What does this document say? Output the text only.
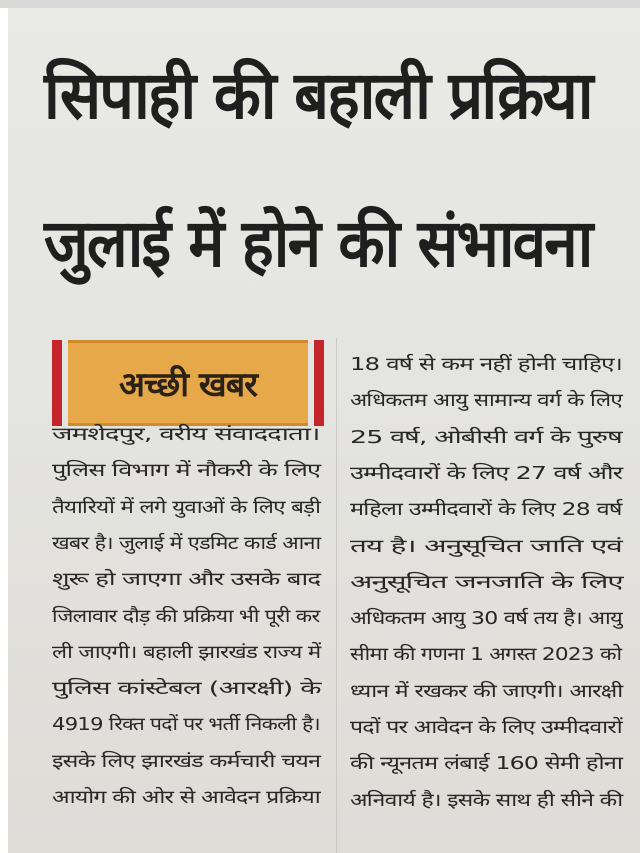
सिपाही की बहाली प्रक्रिया
जुलाई में होने की संभावना
अच्छी खबर
जमशेदपुर, वरीय संवाददाता।
पुलिस विभाग में नौकरी के लिए
तैयारियों में लगे युवाओं के लिए बड़ी
खबर है। जुलाई में एडमिट कार्ड आना
शुरू हो जाएगा और उसके बाद
जिलावार दौड़ की प्रक्रिया भी पूरी कर
ली जाएगी। बहाली झारखंड राज्य में
पुलिस कांस्टेबल (आरक्षी) के
4919 रिक्त पदों पर भर्ती निकली है।
इसके लिए झारखंड कर्मचारी चयन
आयोग की ओर से आवेदन प्रक्रिया
18 वर्ष से कम नहीं होनी चाहिए।
अधिकतम आयु सामान्य वर्ग के लिए
25 वर्ष, ओबीसी वर्ग के पुरुष
उम्मीदवारों के लिए 27 वर्ष और
महिला उम्मीदवारों के लिए 28 वर्ष
तय है। अनुसूचित जाति एवं
अनुसूचित जनजाति के लिए
अधिकतम आयु 30 वर्ष तय है। आयु
सीमा की गणना 1 अगस्त 2023 को
ध्यान में रखकर की जाएगी। आरक्षी
पदों पर आवेदन के लिए उम्मीदवारों
की न्यूनतम लंबाई 160 सेमी होना
अनिवार्य है। इसके साथ ही सीने की
